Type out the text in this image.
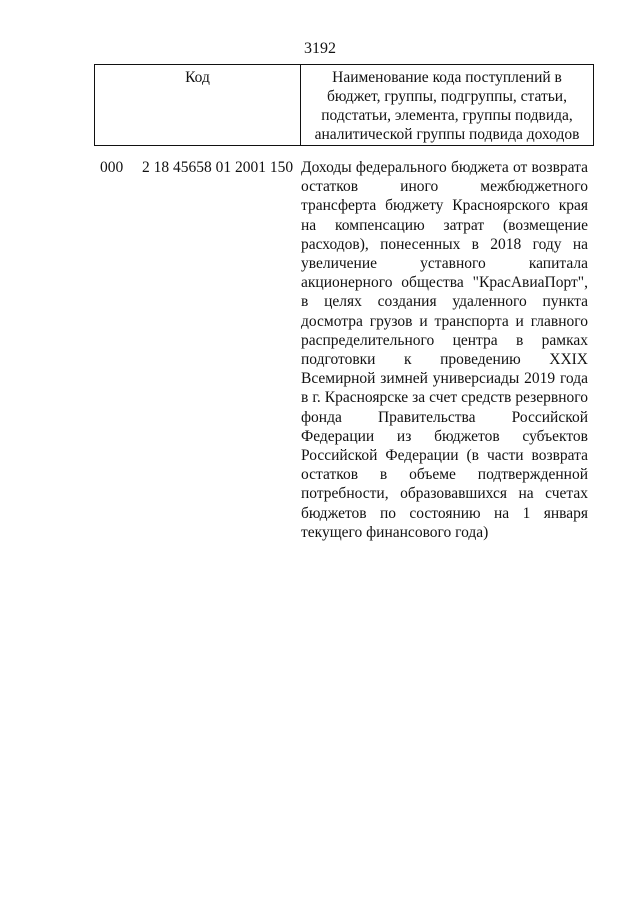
3192
Код	Наименование кода поступлений в бюджет, группы, подгруппы, статьи, подстатьи, элемента, группы подвида, аналитической группы подвида доходов
000 2 18 45658 01 2001 150 Доходы федерального бюджета от возврата остатков иного межбюджетного трансферта бюджету Красноярского края на компенсацию затрат (возмещение расходов), понесенных в 2018 году на увеличение уставного капитала акционерного общества "КрасАвиаПорт", в целях создания удаленного пункта досмотра грузов и транспорта и главного распределительного центра в рамках подготовки к проведению XXIX Всемирной зимней универсиады 2019 года в г. Красноярске за счет средств резервного фонда Правительства Российской Федерации из бюджетов субъектов Российской Федерации (в части возврата остатков в объеме подтвержденной потребности, образовавшихся на счетах бюджетов по состоянию на 1 января текущего финансового года)
